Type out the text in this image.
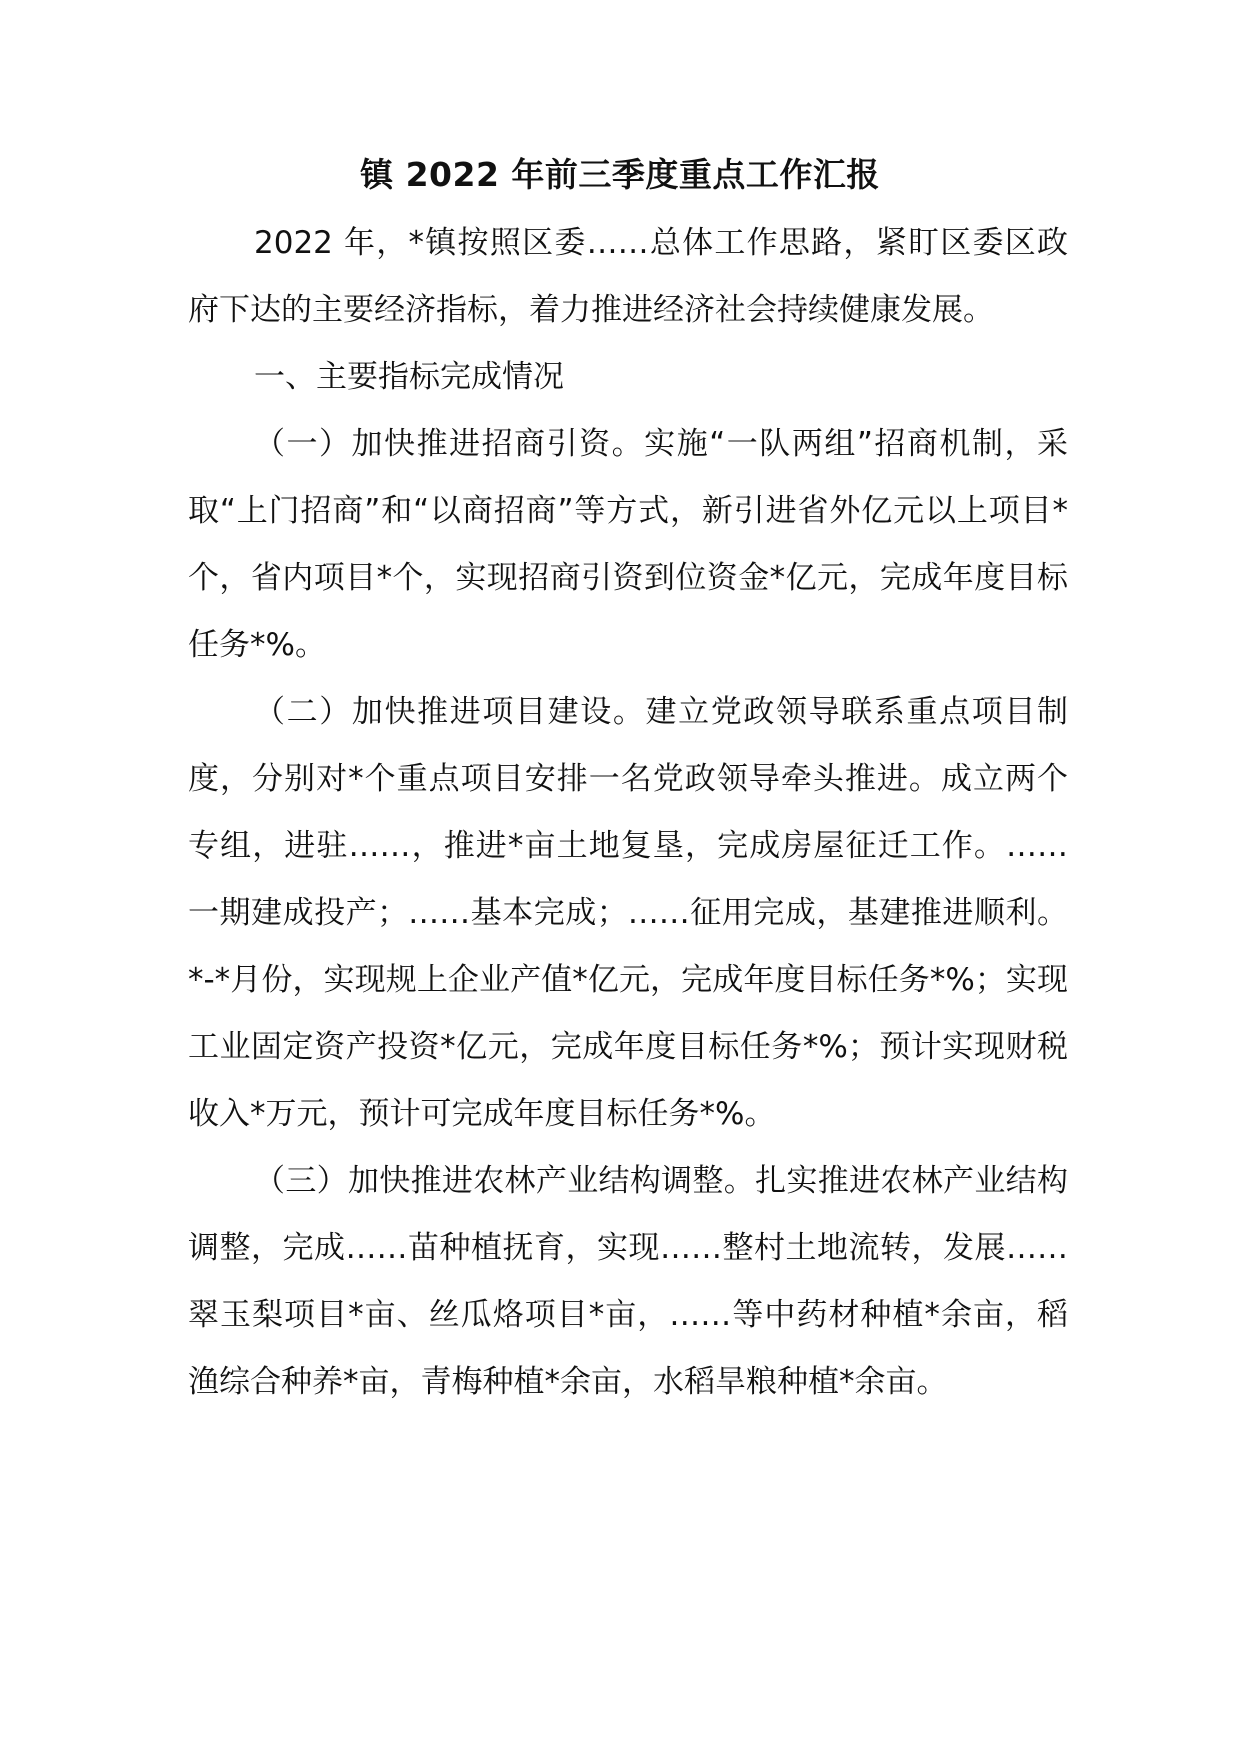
镇 2022 年前三季度重点工作汇报

2022 年，*镇按照区委……总体工作思路，紧盯区委区政府下达的主要经济指标，着力推进经济社会持续健康发展。

一、主要指标完成情况

（一）加快推进招商引资。实施“一队两组”招商机制，采取“上门招商”和“以商招商”等方式，新引进省外亿元以上项目*个，省内项目*个，实现招商引资到位资金*亿元，完成年度目标任务*%。

（二）加快推进项目建设。建立党政领导联系重点项目制度，分别对*个重点项目安排一名党政领导牵头推进。成立两个专组，进驻……，推进*亩土地复垦，完成房屋征迁工作。……一期建成投产；……基本完成；……征用完成，基建推进顺利。*-*月份，实现规上企业产值*亿元，完成年度目标任务*%；实现工业固定资产投资*亿元，完成年度目标任务*%；预计实现财税收入*万元，预计可完成年度目标任务*%。

（三）加快推进农林产业结构调整。扎实推进农林产业结构调整，完成……苗种植抚育，实现……整村土地流转，发展……翠玉梨项目*亩、丝瓜烙项目*亩，……等中药材种植*余亩，稻渔综合种养*亩，青梅种植*余亩，水稻旱粮种植*余亩。
